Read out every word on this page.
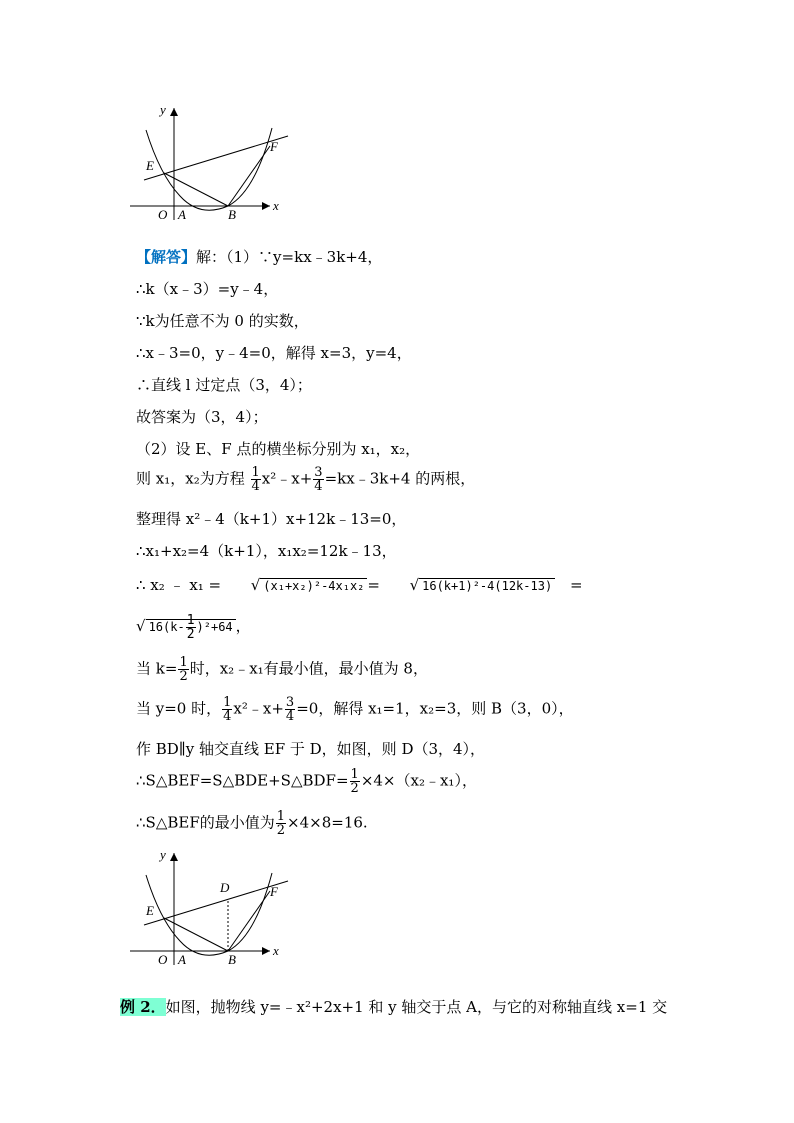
y
x
E
F
O A	B
【解答】解：（1）∵y=kx﹣3k+4，
∴k（x﹣3）=y﹣4，
∵k为任意不为 0 的实数，
∴x﹣3=0，y﹣4=0，解得 x=3，y=4，
∴直线 l 过定点（3，4）；
故答案为（3，4）；
（2）设 E、F 点的横坐标分别为 x₁，x₂，
则 x₁，x₂为方程 $\frac{1}{4}$ x²﹣x+ $\frac{3}{4}$ =kx﹣3k+4 的两根，
整理得 x²﹣4（k+1）x+12k﹣13=0，
∴x₁+x₂=4（k+1），x₁x₂=12k﹣13，
∴ x₂ ﹣ x₁ = √ (x₁+x₂)²-4x₁x₂ = √ 16(k+1)²-4(12k-13) =
√ $16(k- \frac{1}{2} )^2+64$ ，
当 $k= \frac{1}{2}$ 时，x₂﹣x₁有最小值，最小值为 8，
当 y=0 时， $\frac{1}{4}$ x²﹣x+ $\frac{3}{4} =0$，解得 x₁=1，x₂=3，则 B（3，0），
作 BD∥y 轴交直线 EF 于 D，如图，则 D（3，4），
∴S△BEF=S△BDE+S△BDF= $\frac{1}{2}$ ×4×（x₂﹣x₁），
∴S△BEF的最小值为 $\frac{1}{2} \times 4\times 8=16$.
y
x
E
F
D
O A	B
例 2．如图，抛物线 y=﹣x²+2x+1 和 y 轴交于点 A，与它的对称轴直线 x=1 交
